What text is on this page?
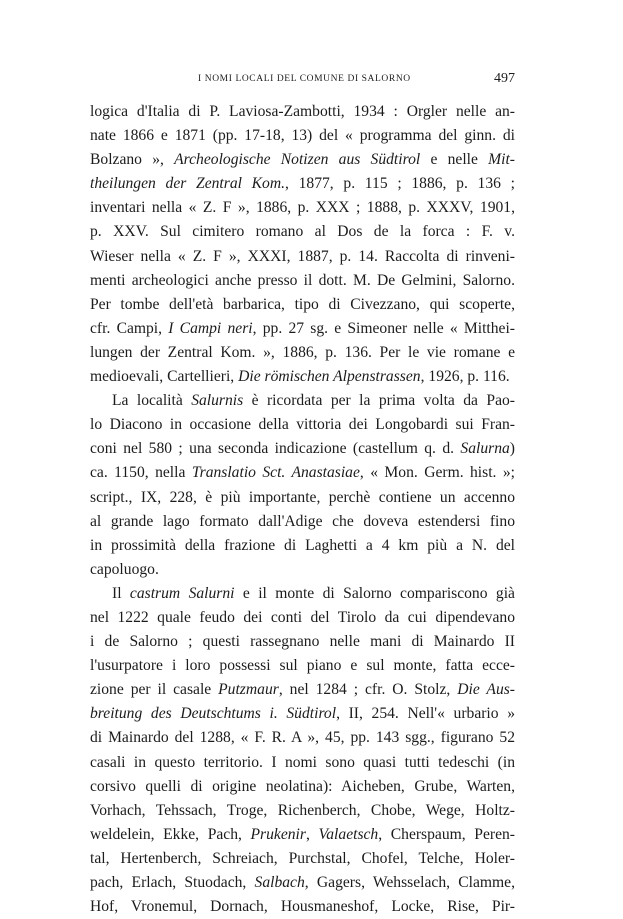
I NOMI LOCALI DEL COMUNE DI SALORNO	497
logica d'Italia di P. Laviosa-Zambotti, 1934 : Orgler nelle an-
nate 1866 e 1871 (pp. 17-18, 13) del « programma del ginn. di
Bolzano », Archeologische Notizen aus Südtirol e nelle Mit-
theilungen der Zentral Kom., 1877, p. 115 ; 1886, p. 136 ;
inventari nella « Z. F », 1886, p. XXX ; 1888, p. XXXV, 1901,
p. XXV. Sul cimitero romano al Dos de la forca : F. v.
Wieser nella « Z. F », XXXI, 1887, p. 14. Raccolta di rinveni-
menti archeologici anche presso il dott. M. De Gelmini, Salorno.
Per tombe dell'età barbarica, tipo di Civezzano, qui scoperte,
cfr. Campi, I Campi neri, pp. 27 sg. e Simeoner nelle « Mitthei-
lungen der Zentral Kom. », 1886, p. 136. Per le vie romane e
medioevali, Cartellieri, Die römischen Alpenstrassen, 1926, p. 116.
La località Salurnis è ricordata per la prima volta da Pao-
lo Diacono in occasione della vittoria dei Longobardi sui Fran-
coni nel 580 ; una seconda indicazione (castellum q. d. Salurna)
ca. 1150, nella Translatio Sct. Anastasiae, « Mon. Germ. hist. »;
script., IX, 228, è più importante, perchè contiene un accenno
al grande lago formato dall'Adige che doveva estendersi fino
in prossimità della frazione di Laghetti a 4 km più a N. del
capoluogo.
Il castrum Salurni e il monte di Salorno compariscono già
nel 1222 quale feudo dei conti del Tirolo da cui dipendevano
i de Salorno ; questi rassegnano nelle mani di Mainardo II
l'usurpatore i loro possessi sul piano e sul monte, fatta ecce-
zione per il casale Putzmaur, nel 1284 ; cfr. O. Stolz, Die Aus-
breitung des Deutschtums i. Südtirol, II, 254. Nell'« urbario »
di Mainardo del 1288, « F. R. A », 45, pp. 143 sgg., figurano 52
casali in questo territorio. I nomi sono quasi tutti tedeschi (in
corsivo quelli di origine neolatina): Aicheben, Grube, Warten,
Vorhach, Tehssach, Troge, Richenberch, Chobe, Wege, Holtz-
weldelein, Ekke, Pach, Prukenir, Valaetsch, Cherspaum, Peren-
tal, Hertenberch, Schreiach, Purchstal, Chofel, Telche, Holer-
pach, Erlach, Stuodach, Salbach, Gagers, Wehsselach, Clamme,
Hof, Vronemul, Dornach, Housmaneshof, Locke, Rise, Pir-
